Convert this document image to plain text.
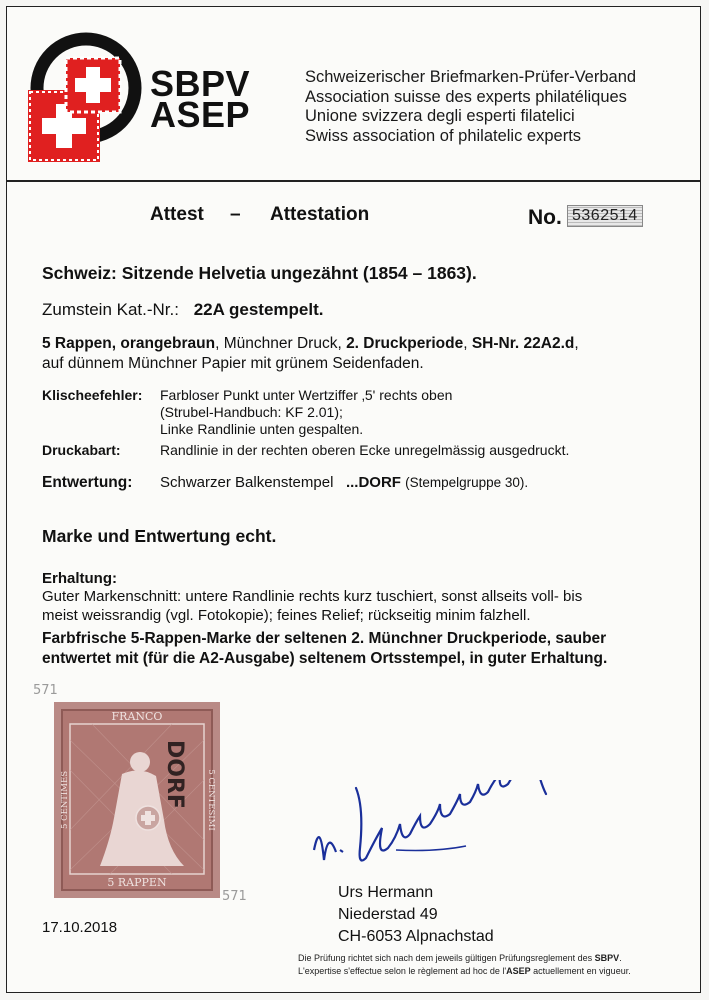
SBPV
ASEP
Schweizerischer Briefmarken-Prüfer-Verband
Association suisse des experts philatéliques
Unione svizzera degli esperti filatelici
Swiss association of philatelic experts
Attest – Attestation	No. 5362514
Schweiz: Sitzende Helvetia ungezähnt (1854 – 1863).
Zumstein Kat.-Nr.: 22A gestempelt.
5 Rappen, orangebraun, Münchner Druck, 2. Druckperiode, SH-Nr. 22A2.d,
auf dünnem Münchner Papier mit grünem Seidenfaden.
Klischeefehler: Farbloser Punkt unter Wertziffer ‚5' rechts oben
(Strubel-Handbuch: KF 2.01);
Linke Randlinie unten gespalten.
Druckabart:	Randlinie in der rechten oberen Ecke unregelmässig ausgedruckt.
Entwertung: Schwarzer Balkenstempel ...DORF (Stempelgruppe 30).
Marke und Entwertung echt.
Erhaltung:
Guter Markenschnitt: untere Randlinie rechts kurz tuschiert, sonst allseits voll- bis
meist weissrandig (vgl. Fotokopie); feines Relief; rückseitig minim falzhell.
Farbfrische 5-Rappen-Marke der seltenen 2. Münchner Druckperiode, sauber
entwertet mit (für die A2-Ausgabe) seltenem Ortsstempel, in guter Erhaltung.
571
571
FRANCO
5 RAPPEN
5 CENTIMES	5 CENTESIMI
DORF
Urs Hermann
Niederstad 49
CH-6053 Alpnachstad
17.10.2018
Die Prüfung richtet sich nach dem jeweils gültigen Prüfungsreglement des SBPV.
L'expertise s'effectue selon le règlement ad hoc de l'ASEP actuellement en vigueur.
